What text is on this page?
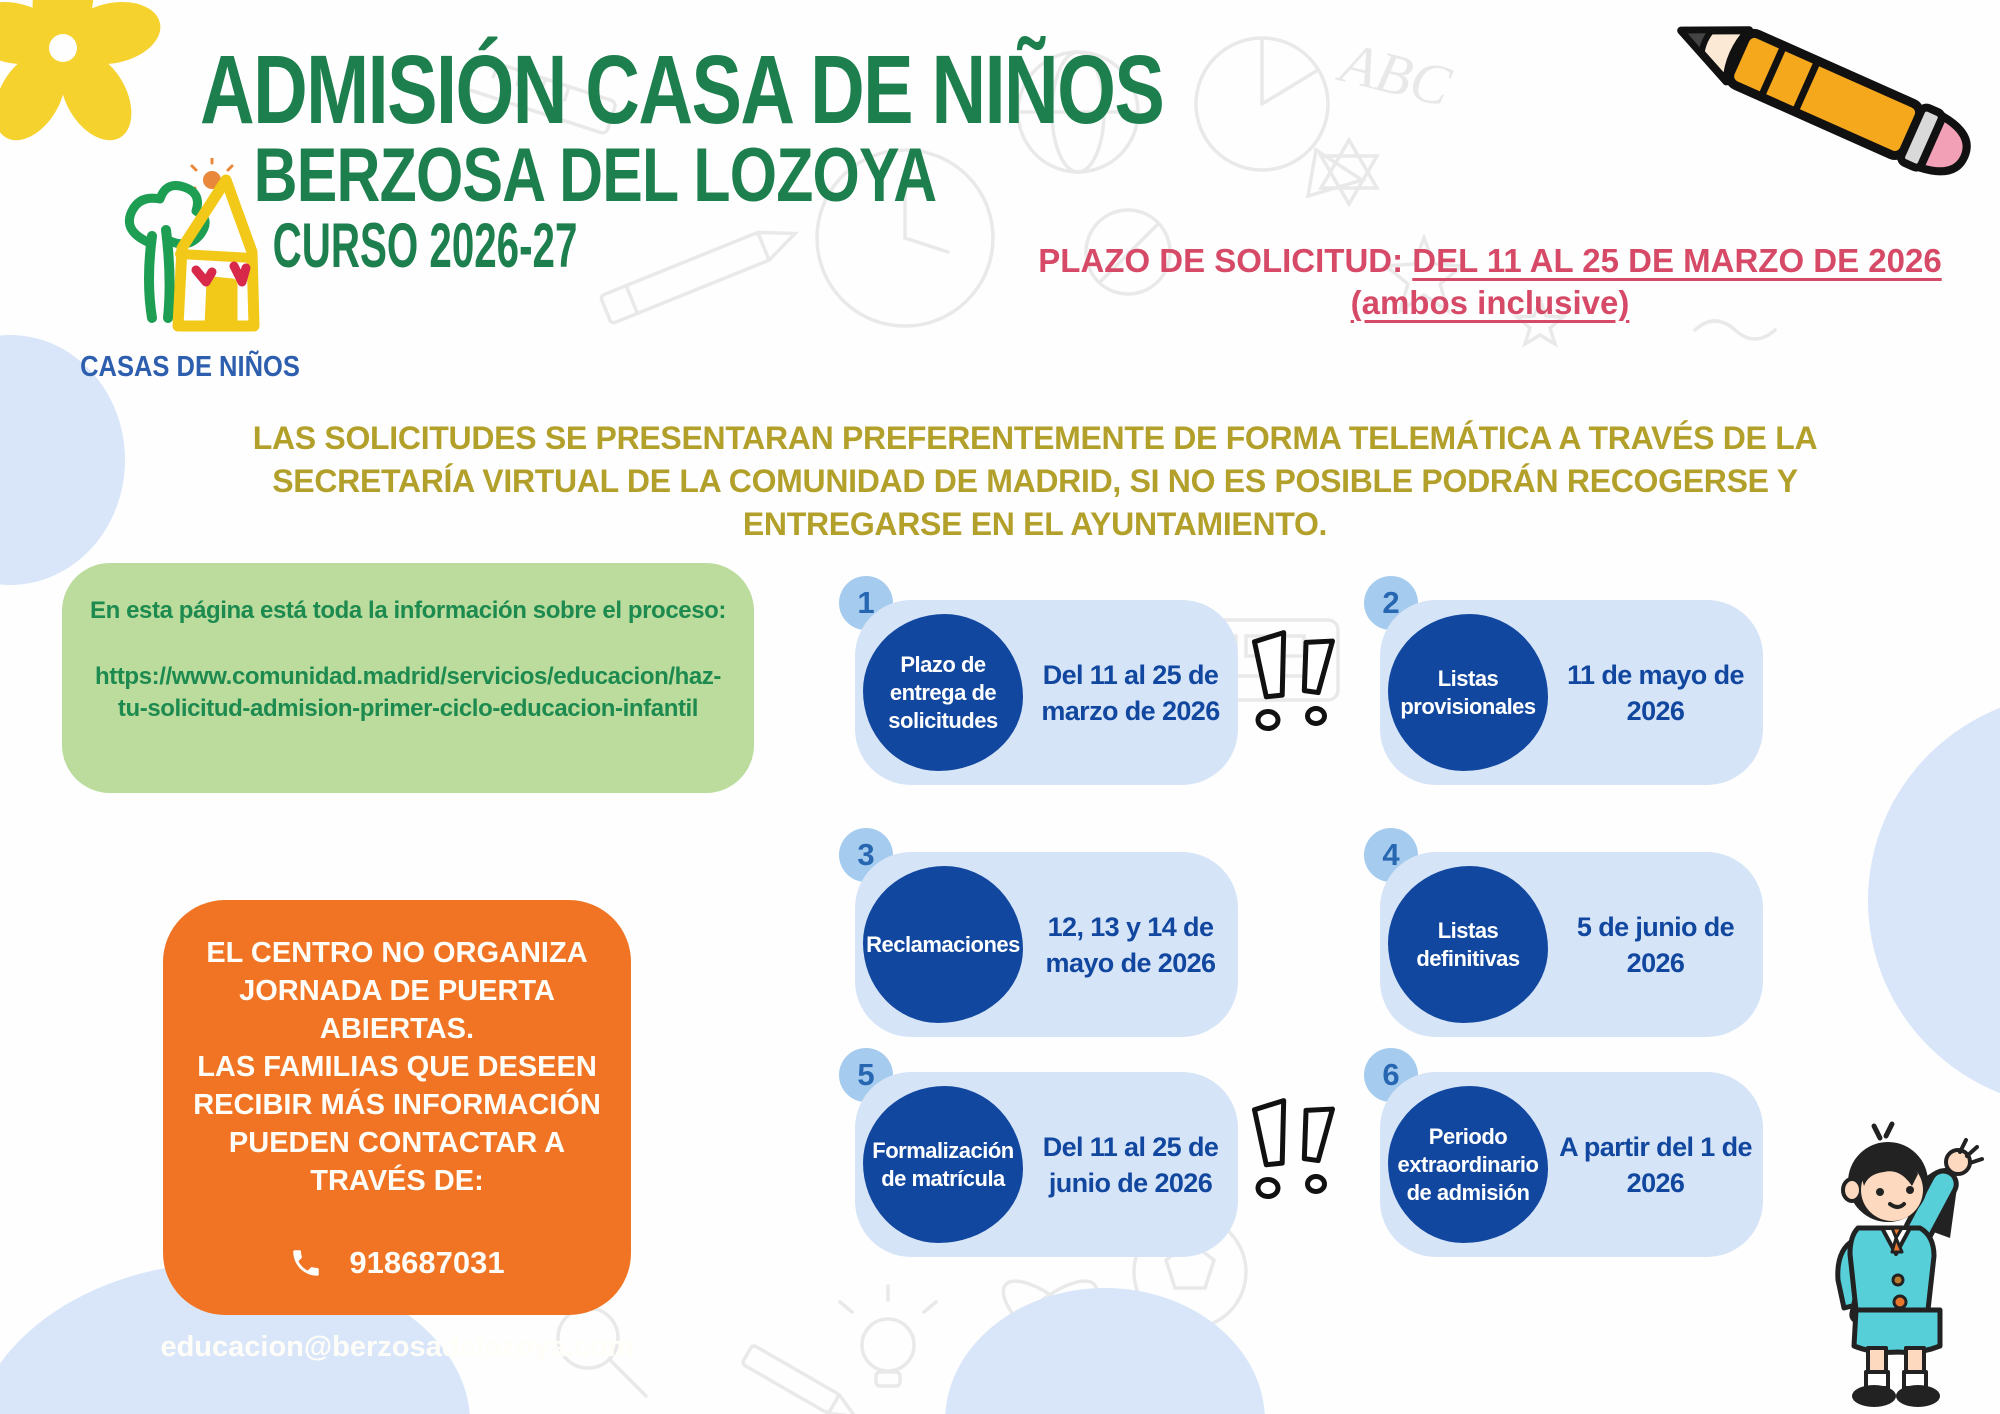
ABC
ADMISIÓN CASA DE NIÑOS
BERZOSA DEL LOZOYA
CURSO 2026-27
CASAS DE NIÑOS
PLAZO DE SOLICITUD: DEL 11 AL 25 DE MARZO DE 2026
(ambos inclusive)
LAS SOLICITUDES SE PRESENTARAN PREFERENTEMENTE DE FORMA TELEMÁTICA A TRAVÉS DE LA SECRETARÍA VIRTUAL DE LA COMUNIDAD DE MADRID, SI NO ES POSIBLE PODRÁN RECOGERSE Y ENTREGARSE EN EL AYUNTAMIENTO.
En esta página está toda la información sobre el proceso:
https://www.comunidad.madrid/servicios/educacion/haz-tu-solicitud-admision-primer-ciclo-educacion-infantil
EL CENTRO NO ORGANIZA JORNADA DE PUERTA ABIERTAS.
LAS FAMILIAS QUE DESEEN RECIBIR MÁS INFORMACIÓN PUEDEN CONTACTAR A TRAVÉS DE:
918687031
educacion@berzosadelozoya.com
1
Plazo de entrega de solicitudes
Del 11 al 25 de marzo de 2026
2
Listas provisionales
11 de mayo de 2026
3
Reclamaciones
12, 13 y 14 de mayo de 2026
4
Listas definitivas
5 de junio de 2026
5
Formalización de matrícula
Del 11 al 25 de junio de 2026
6
Periodo extraordinario de admisión
A partir del 1 de 2026
